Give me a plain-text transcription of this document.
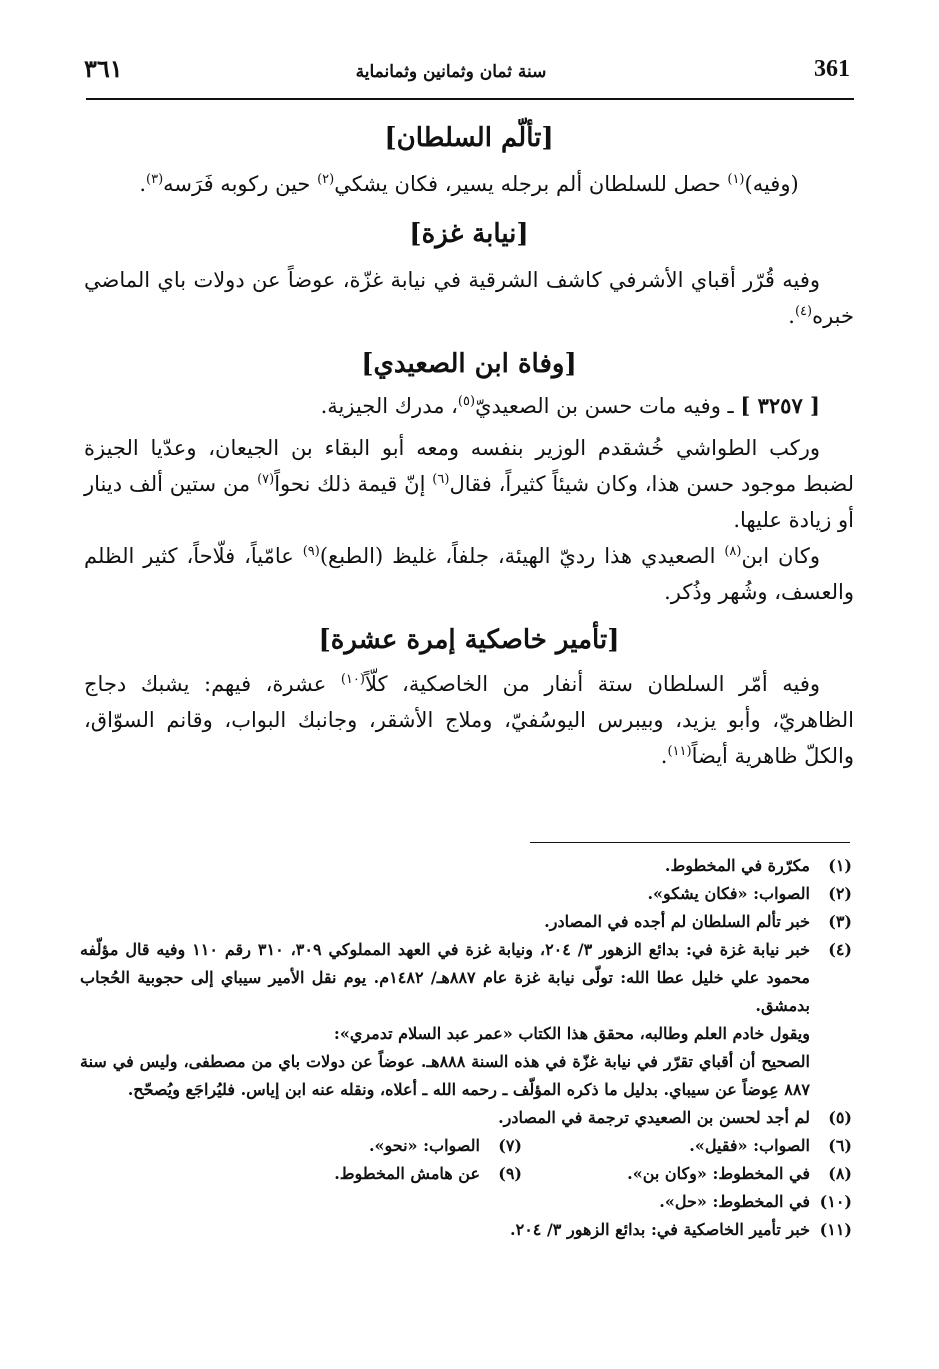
361
سنة ثمان وثمانين وثمانماية
٣٦١
[تألّم السلطان]

(وفيه)$^{(١)}$ حصل للسلطان ألم برجله يسير، فكان يشكي$^{(٢)}$ حين ركوبه فَرَسه$^{(٣)}$.

[نيابة غزة]

وفيه قُرّر أقباي الأشرفي كاشف الشرقية في نيابة غزّة، عوضاً عن دولات باي الماضي خبره$^{(٤)}$.

[وفاة ابن الصعيدي]

[ ٣٢٥٧ ] ـ وفيه مات حسن بن الصعيديّ$^{(٥)}$، مدرك الجيزية.

وركب الطواشي خُشقدم الوزير بنفسه ومعه أبو البقاء بن الجيعان، وعدّيا الجيزة لضبط موجود حسن هذا، وكان شيئاً كثيراً، فقال$^{(٦)}$ إنّ قيمة ذلك نحواً$^{(٧)}$ من ستين ألف دينار أو زيادة عليها.

وكان ابن$^{(٨)}$ الصعيدي هذا رديّ الهيئة، جلفاً، غليظ (الطبع)$^{(٩)}$ عامّياً، فلّاحاً، كثير الظلم والعسف، وشُهر وذُكر.

[تأمير خاصكية إمرة عشرة]

وفيه أمّر السلطان ستة أنفار من الخاصكية، كلّاً$^{(١٠)}$ عشرة، فيهم: يشبك دجاج الظاهريّ، وأبو يزيد، وبيبرس اليوسُفيّ، وملاج الأشقر، وجانبك البواب، وقانم السوّاق، والكلّ ظاهرية أيضاً$^{(١١)}$.

(١)
مكرّرة في المخطوط.
(٢)
الصواب: «فكان يشكو».
(٣)
خبر تألم السلطان لم أجده في المصادر.
(٤)
خبر نيابة غزة في: بدائع الزهور ٣/ ٢٠٤، ونيابة غزة في العهد المملوكي ٣٠٩، ٣١٠ رقم ١١٠ وفيه قال مؤلّفه محمود علي خليل عطا الله: تولّى نيابة غزة عام ٨٨٧هـ/ ١٤٨٢م. يوم نقل الأمير سيباي إلى حجوبية الحُجاب بدمشق.
ويقول خادم العلم وطالبه، محقق هذا الكتاب «عمر عبد السلام تدمري»:
الصحيح أن أقباي تقرّر في نيابة غزّة في هذه السنة ٨٨٨هـ. عوضاً عن دولات باي من مصطفى، وليس في سنة ٨٨٧ عِوضاً عن سيباي. بدليل ما ذكره المؤلّف ـ رحمه الله ـ أعلاه، ونقله عنه ابن إياس. فليُراجَع ويُصحّح.
(٥)
لم أجد لحسن بن الصعيدي ترجمة في المصادر.
(٦)
الصواب: «فقيل».
(٧)
الصواب: «نحو».
(٨)
في المخطوط: «وكان بن».
(٩)
عن هامش المخطوط.
(١٠)
في المخطوط: «حل».
(١١)
خبر تأمير الخاصكية في: بدائع الزهور ٣/ ٢٠٤.
